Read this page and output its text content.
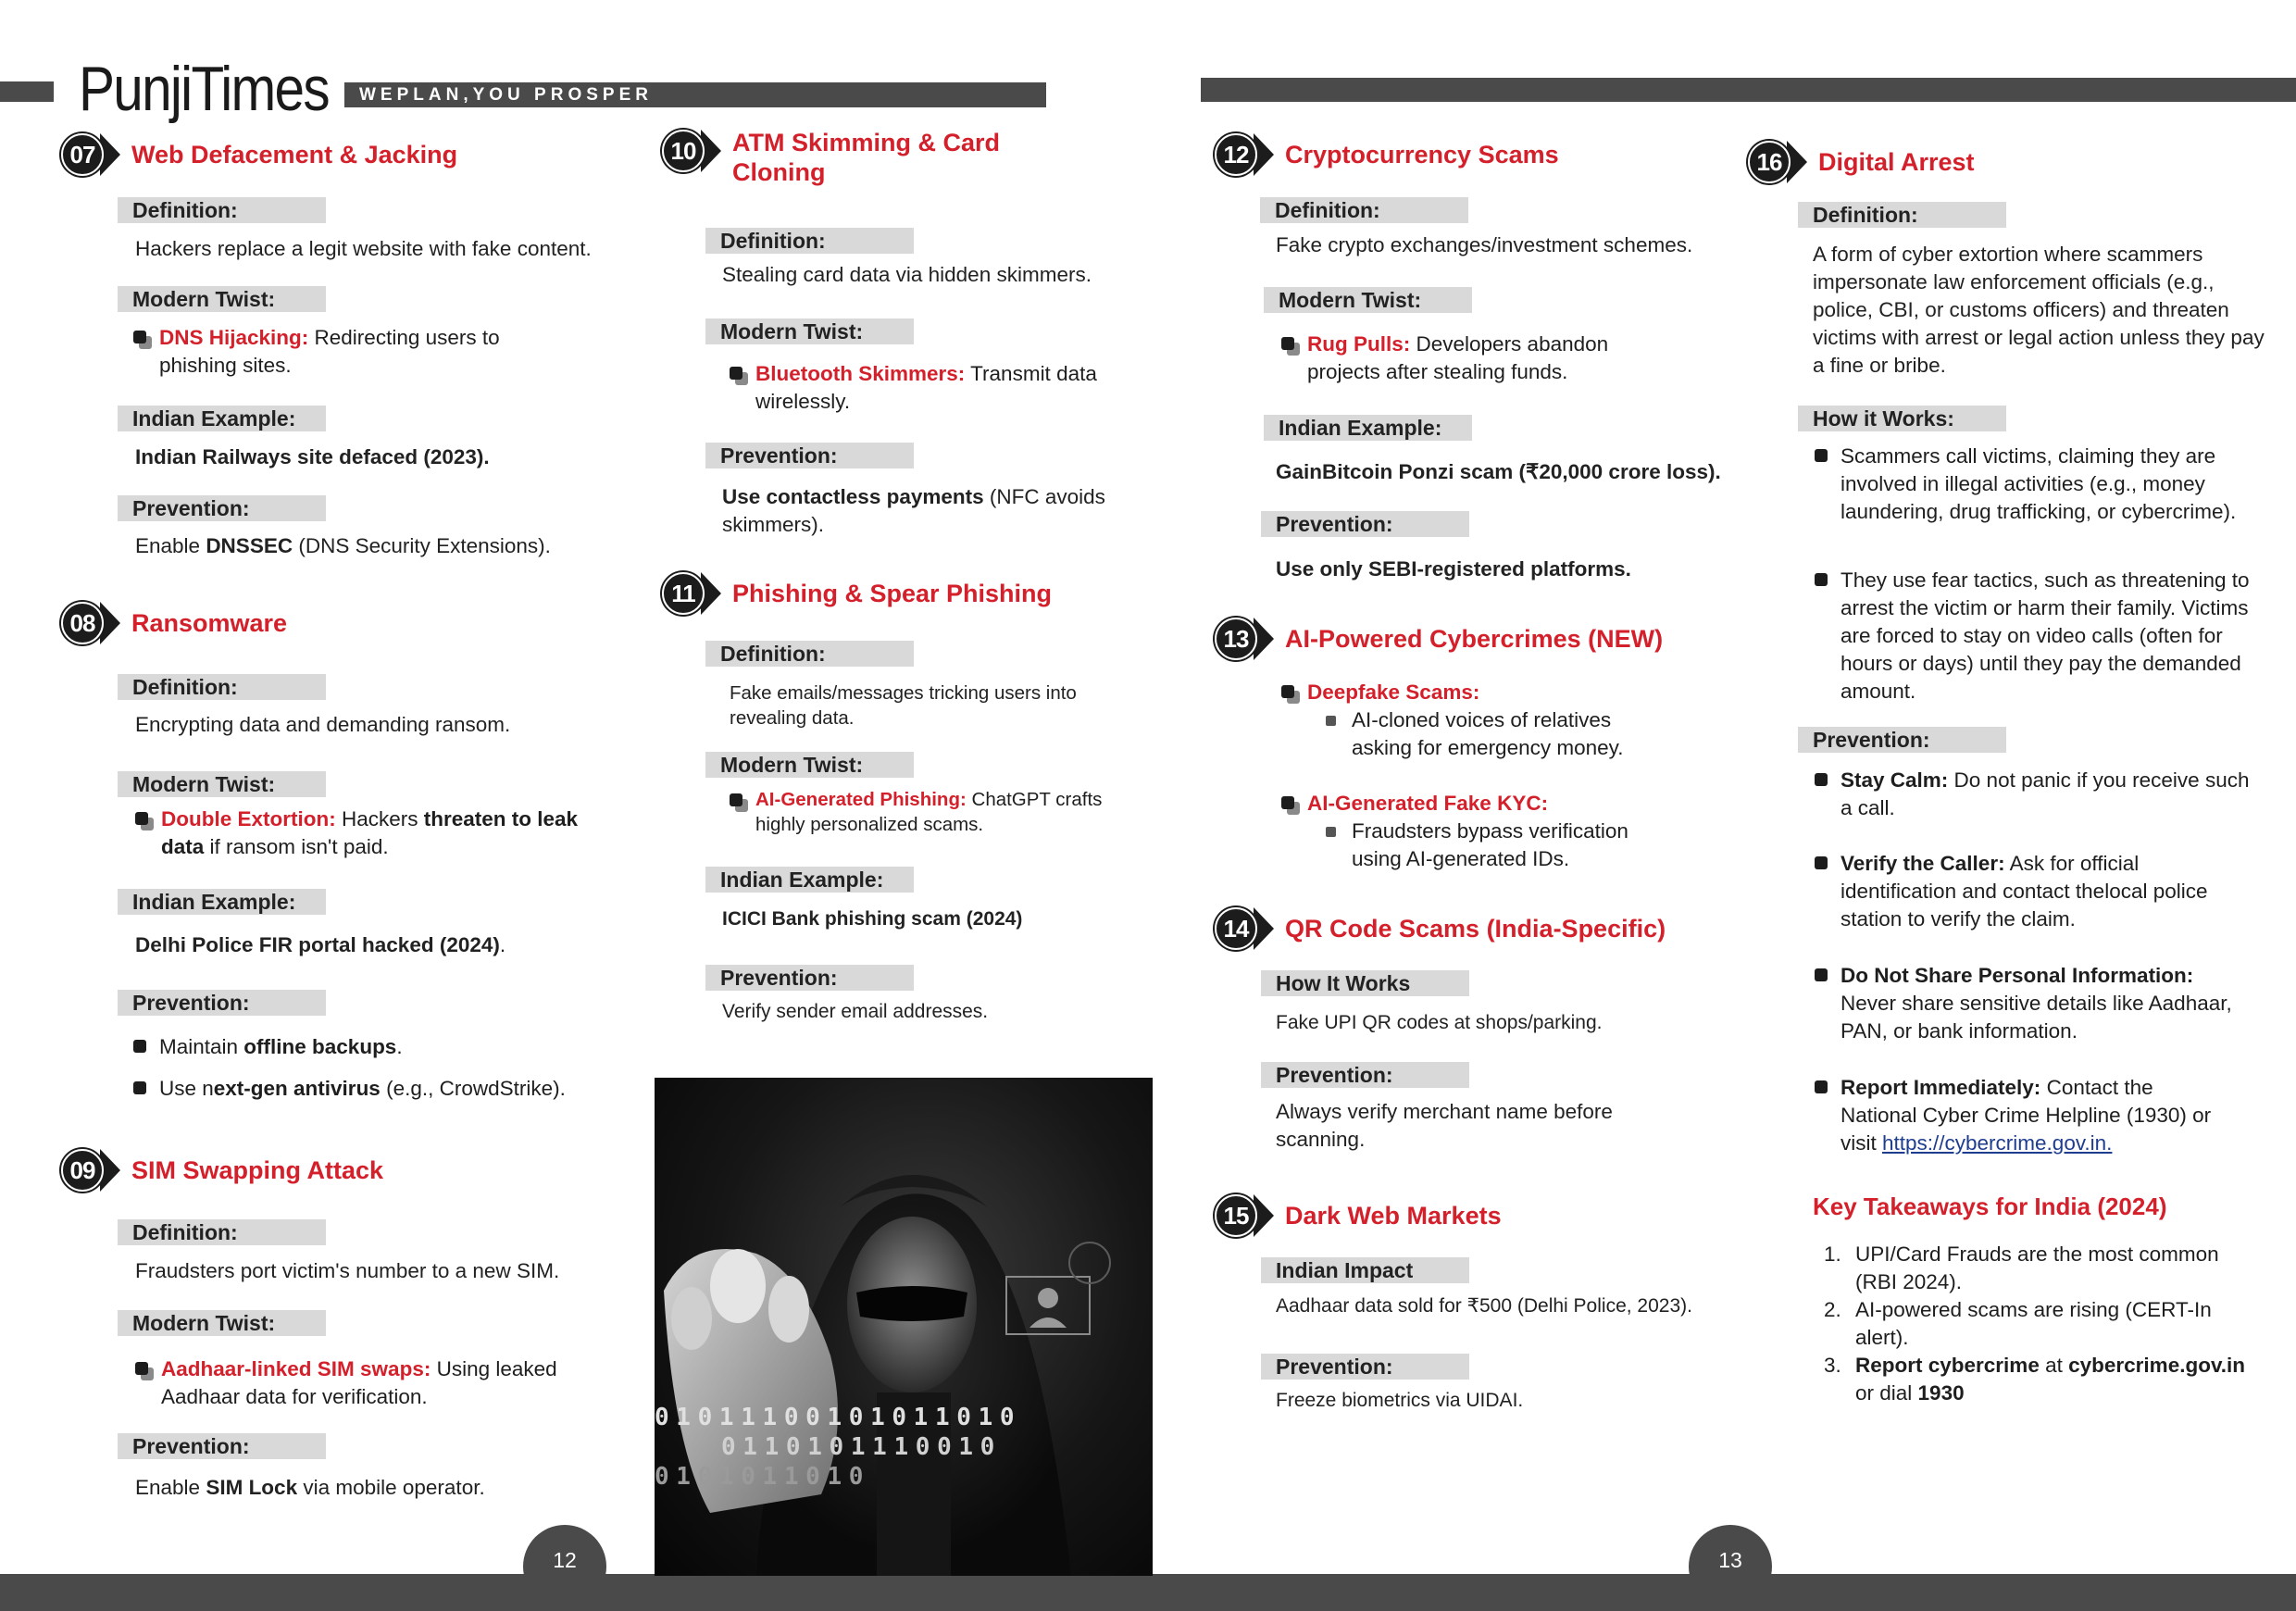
PunjiTimes	WEPLAN,YOU PROSPER
12	13
07	Web Defacement & Jacking
Definition:
Hackers replace a legit website with fake content.
Modern Twist:
DNS Hijacking: Redirecting users to phishing sites.
Indian Example:
Indian Railways site defaced (2023).
Prevention:
Enable DNSSEC (DNS Security Extensions).
08	Ransomware
Definition:
Encrypting data and demanding ransom.
Modern Twist:
Double Extortion: Hackers threaten to leak data if ransom isn't paid.
Indian Example:
Delhi Police FIR portal hacked (2024).
Prevention:
Maintain offline backups.
Use next-gen antivirus (e.g., CrowdStrike).
09	SIM Swapping Attack
Definition:
Fraudsters port victim's number to a new SIM.
Modern Twist:
Aadhaar-linked SIM swaps: Using leaked Aadhaar data for verification.
Prevention:
Enable SIM Lock via mobile operator.
10	ATM Skimming & Card Cloning
Definition:
Stealing card data via hidden skimmers.
Modern Twist:
Bluetooth Skimmers: Transmit data wirelessly.
Prevention:
Use contactless payments (NFC avoids skimmers).
11	Phishing & Spear Phishing
Definition:
Fake emails/messages tricking users into revealing data.
Modern Twist:
AI-Generated Phishing: ChatGPT crafts highly personalized scams.
Indian Example:
ICICI Bank phishing scam (2024)
Prevention:
Verify sender email addresses.
0 1 0 1 1 1 0 0 1 0 1 0 1 1 0 1 0
0 1 1 0 1 0 1 1 1 0 0 1 0
0 1 0 1 0 1 1 0 1 0
12	Cryptocurrency Scams
Definition:
Fake crypto exchanges/investment schemes.
Modern Twist:
Rug Pulls: Developers abandon projects after stealing funds.
Indian Example:
GainBitcoin Ponzi scam (₹20,000 crore loss).
Prevention:
Use only SEBI-registered platforms.
13	AI-Powered Cybercrimes (NEW)
Deepfake Scams:
AI-cloned voices of relatives asking for emergency money.
AI-Generated Fake KYC:
Fraudsters bypass verification using AI-generated IDs.
14	QR Code Scams (India-Specific)
How It Works
Fake UPI QR codes at shops/parking.
Prevention:
Always verify merchant name before scanning.
15	Dark Web Markets
Indian Impact
Aadhaar data sold for ₹500 (Delhi Police, 2023).
Prevention:
Freeze biometrics via UIDAI.
16	Digital Arrest
Definition:
A form of cyber extortion where scammers impersonate law enforcement officials (e.g., police, CBI, or customs officers) and threaten victims with arrest or legal action unless they pay a fine or bribe.
How it Works:
Scammers call victims, claiming they are involved in illegal activities (e.g., money laundering, drug trafficking, or cybercrime).
They use fear tactics, such as threatening to arrest the victim or harm their family. Victims are forced to stay on video calls (often for hours or days) until they pay the demanded amount.
Prevention:
Stay Calm: Do not panic if you receive such a call.
Verify the Caller: Ask for official identification and contact thelocal police station to verify the claim.
Do Not Share Personal Information: Never share sensitive details like Aadhaar, PAN, or bank information.
Report Immediately: Contact the National Cyber Crime Helpline (1930) or visit https://cybercrime.gov.in.
Key Takeaways for India (2024)
1. UPI/Card Frauds are the most common (RBI 2024).
2. AI-powered scams are rising (CERT-In alert).
3. Report cybercrime at cybercrime.gov.in or dial 1930
